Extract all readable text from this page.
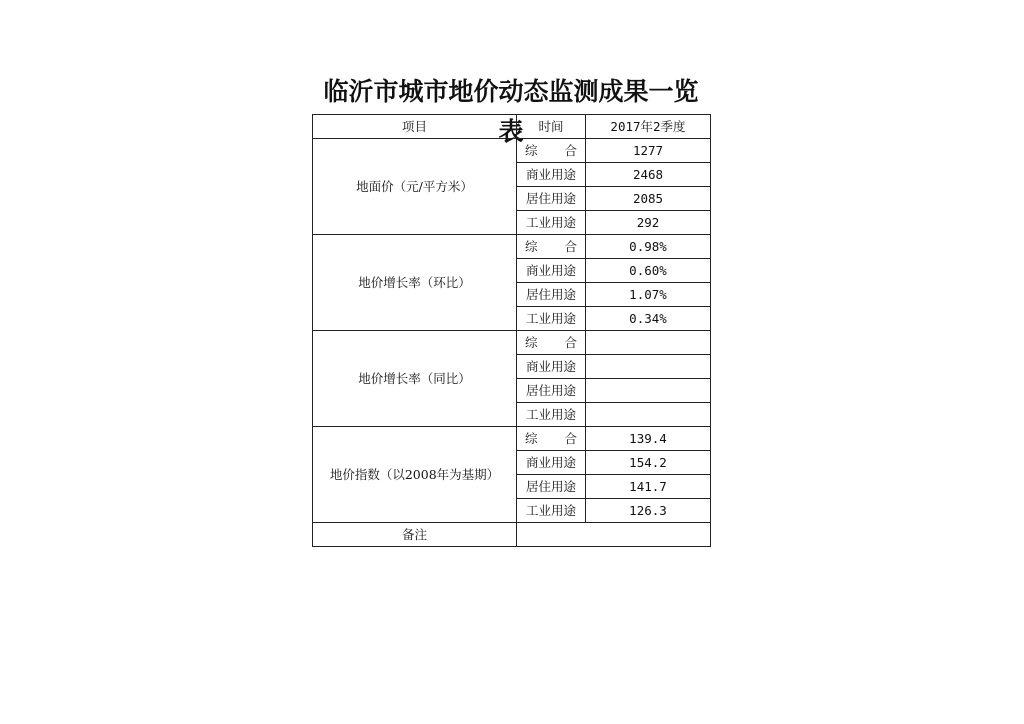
临沂市城市地价动态监测成果一览表
项目	时间	2017年2季度
地面价（元/平方米）	综 合	1277
	商业用途	2468
	居住用途	2085
	工业用途	292
地价增长率（环比）	综 合	0.98%
	商业用途	0.60%
	居住用途	1.07%
	工业用途	0.34%
地价增长率（同比）	综 合	

	商业用途	
	居住用途	
	工业用途	
地价指数（以2008年为基期）	综 合	139.4
	商业用途	154.2
	居住用途	141.7
	工业用途	126.3
备注		
